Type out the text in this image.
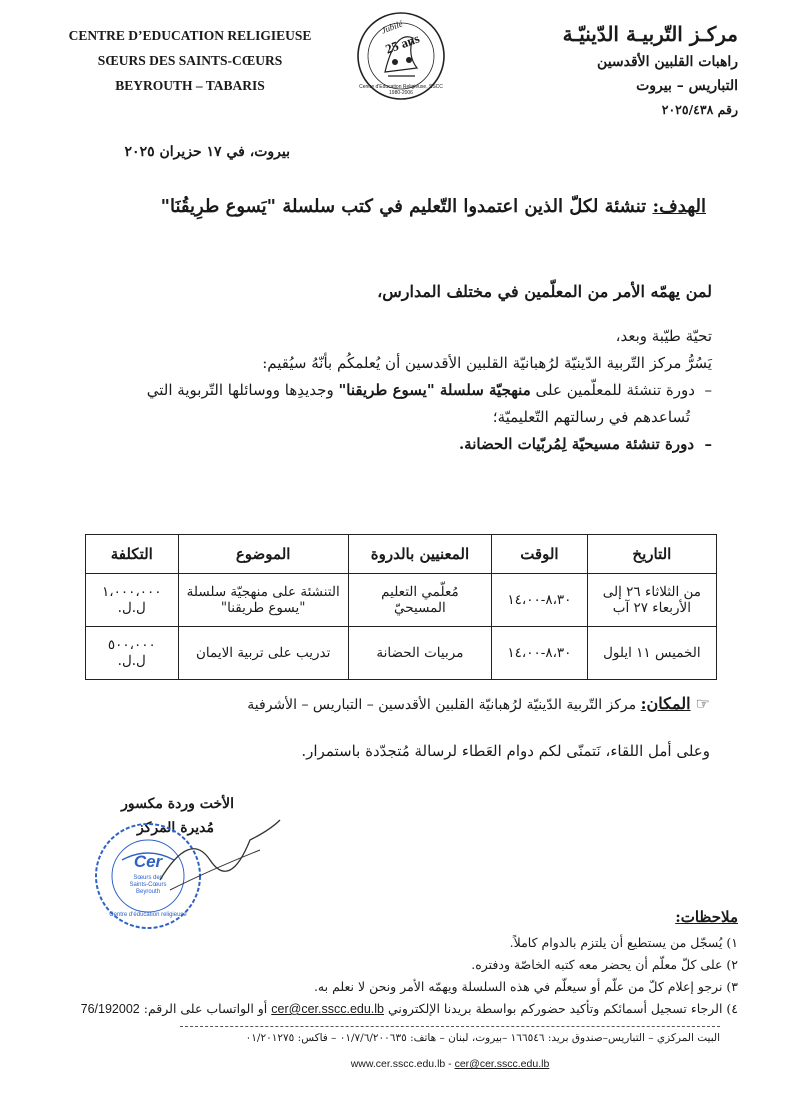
CENTRE D’EDUCATION RELIGIEUSE
SŒURS DES SAINTS-CŒURS
BEYROUTH – TABARIS
Jubilé
25 ans
Centre d'Education Religieuse, SSCC 1980-2006
مركـز التّربيـة الدّينيّـة
راهبات القلبين الأقدسين
التباريس – بيروت
رقم ٢٠٢٥/٤٣٨
بيروت، في ١٧ حزيران ٢٠٢٥
الهدف: تنشئة لكلّ الذين اعتمدوا التّعليم في كتب سلسلة "يَسوع طرِيقُنَا"
لمن يهمّه الأمر من المعلّمين في مختلف المدارس،
تحيّة طيّبة وبعد،
يَسُرُّ مركز التّربية الدّينيّة لرُهبانيّة القلبين الأقدسين أن يُعلمكُم بأنّهُ سيُقيم:
–  دورة تنشئة للمعلّمين على منهجيّة سلسلة "يسوع طريقنا" وجديدِها ووسائلها التّربوية التي
تُساعدهم في رسالتهم التّعليميّة؛
–  دورة تنشئة مسيحيّة لِمُربّيات الحضانة.
التاريخ	الوقت	المعنيين بالدروة	الموضوع	التكلفة
من الثلاثاء ٢٦ إلى الأربعاء ٢٧ آب	٨،٣٠-١٤،٠٠	مُعلّمي التعليم المسيحيّ	التنشئة على منهجيّة سلسلة "يسوع طريقنا"	١،٠٠٠،٠٠٠ ل.ل.
الخميس ١١ ايلول	٨،٣٠-١٤،٠٠	مربيات الحضانة	تدريب على تربية الايمان	٥٠٠،٠٠٠ ل.ل.
☞ المكان: مركز التّربية الدّينيّة لرُهبانيّة القلبين الأقدسين – التباريس – الأشرفية
وعلى أمل اللقاء، نَتمنّى لكم دوام العَطاء لرسالة مُتجدّدة باستمرار.
الأخت وردة مكسور
مُديرة المركز
Cer
Sœurs des
Saints-Cœurs
Beyrouth
Centre d'éducation religieuse	ملاحظات:
١) يُسجّل من يستطيع أن يلتزم بالدوام كاملاً.
٢) على كلّ معلّم أن يحضر معه كتبه الخاصّة ودفتره.
٣) نرجو إعلام كلّ من علّم أو سيعلّم في هذه السلسلة ويهمّه الأمر ونحن لا نعلم به.
٤) الرجاء تسجيل أسمائكم وتأكيد حضوركم بواسطة بريدنا الإلكتروني cer@cer.sscc.edu.lb أو الواتساب على الرقم: 76/192002
البيت المركزي – التباريس–صندوق بريد: ١٦٦٥٤٦ –بيروت، لبنان – هاتف: ٠١/٧/٦/٢٠٠٦٣٥ – فاكس: ٠١/٢٠١٢٧٥
www.cer.sscc.edu.lb - cer@cer.sscc.edu.lb
